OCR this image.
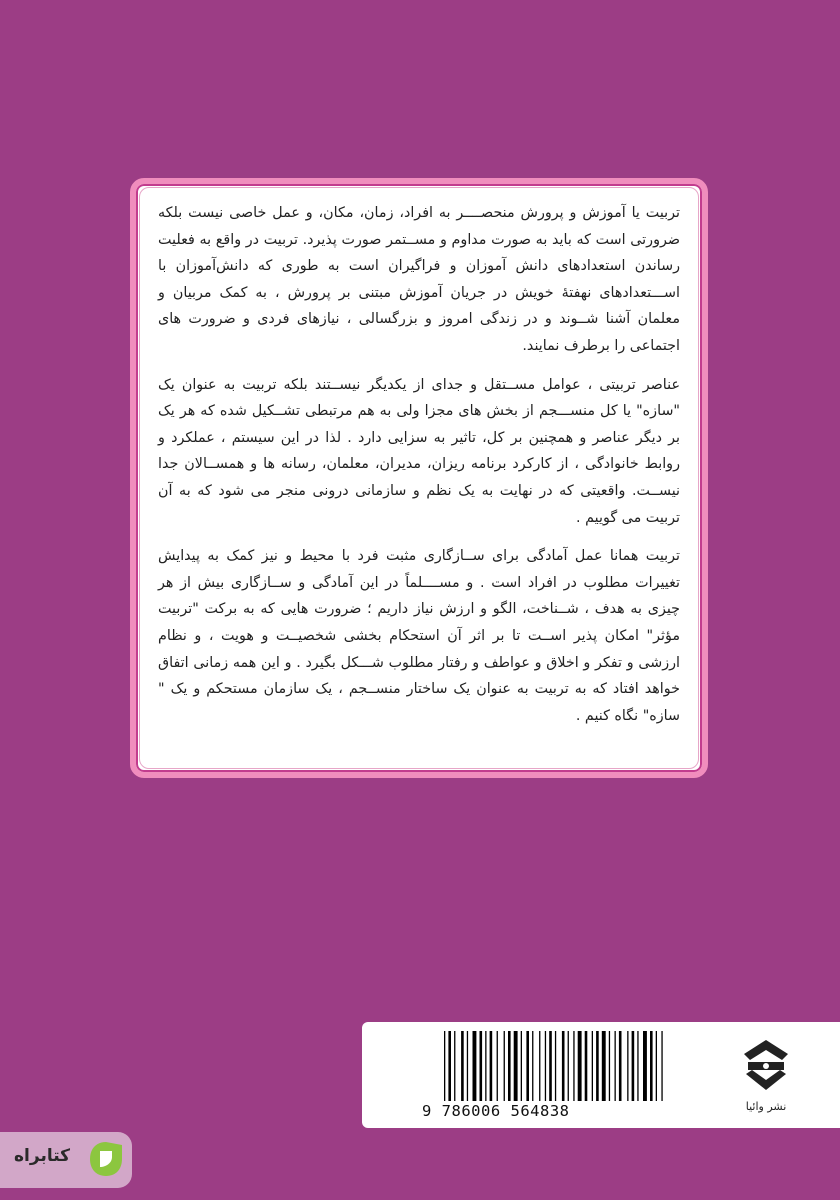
تربیت یا آموزش و پرورش منحصــــر به افراد، زمان، مکان، و عمل خاصی نیست بلکه ضرورتی است که باید به صورت مداوم و مســتمر صورت پذیرد. تربیت در واقع به فعلیت رساندن استعدادهای دانش آموزان و فراگیران است به طوری که دانش‌آموزان با اســـتعدادهای نهفتهٔ خویش در جریان آموزش مبتنی بر پرورش ، به کمک مربیان و معلمان آشنا شــوند و در زندگی امروز و بزرگسالی ، نیازهای فردی و ضرورت های اجتماعی را برطرف نمایند.

عناصر تربیتی ، عوامل مســتقل و جدای از یکدیگر نیســتند بلکه تربیت به عنوان یک "سازه" یا کل منســـجم از بخش های مجزا ولی به هم مرتبطی تشــکیل شده که هر یک بر دیگر عناصر و همچنین بر کل، تاثیر به سزایی دارد . لذا در این سیستم ، عملکرد و روابط خانوادگی ، از کارکرد برنامه ریزان، مدیران، معلمان، رسانه ها و همســالان جدا نیســت. واقعیتی که در نهایت به یک نظم و سازمانی درونی منجر می شود که به آن تربیت می گوییم .

تربیت همانا عمل آمادگی برای ســازگاری مثبت فرد با محیط و نیز کمک به پیدایش تغییرات مطلوب در افراد است . و مســــلماً در این آمادگی و ســازگاری بیش از هر چیزی به هدف ، شــناخت، الگو و ارزش نیاز داریم ؛ ضرورت هایی که به برکت "تربیت مؤثر" امکان پذیر اســت تا بر اثر آن استحکام بخشی شخصیــت و هویت ، و نظام ارزشی و تفکر و اخلاق و عواطف و رفتار مطلوب شـــکل بگیرد . و این همه زمانی اتفاق خواهد افتاد که به تربیت به عنوان یک ساختار منســجم ، یک سازمان مستحکم و یک " سازه" نگاه کنیم .

9 786006 564838	نشر وائیا
کتابراه
